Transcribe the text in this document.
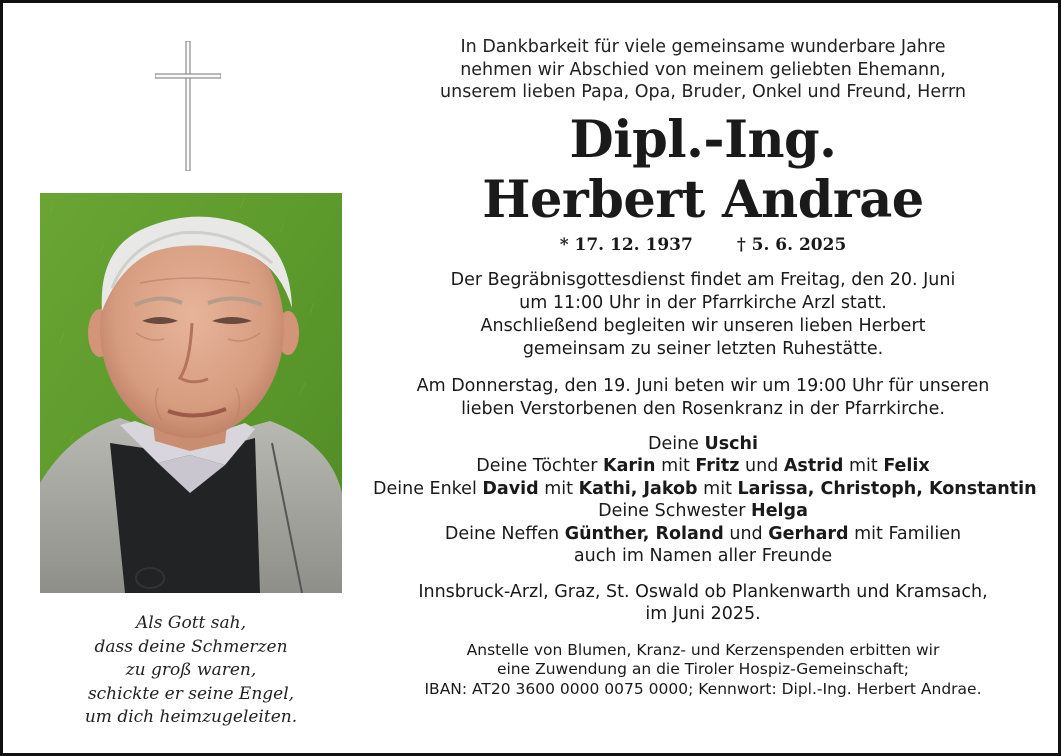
Als Gott sah,
dass deine Schmerzen
zu groß waren,
schickte er seine Engel,
um dich heimzugeleiten.
In Dankbarkeit für viele gemeinsame wunderbare Jahre
nehmen wir Abschied von meinem geliebten Ehemann,
unserem lieben Papa, Opa, Bruder, Onkel und Freund, Herrn
Dipl.-Ing.
Herbert Andrae
* 17. 12. 1937	† 5. 6. 2025
Der Begräbnisgottesdienst findet am Freitag, den 20. Juni
um 11:00 Uhr in der Pfarrkirche Arzl statt.
Anschließend begleiten wir unseren lieben Herbert
gemeinsam zu seiner letzten Ruhestätte.
Am Donnerstag, den 19. Juni beten wir um 19:00 Uhr für unseren
lieben Verstorbenen den Rosenkranz in der Pfarrkirche.
Deine Uschi
Deine Töchter Karin mit Fritz und Astrid mit Felix
Deine Enkel David mit Kathi, Jakob mit Larissa, Christoph, Konstantin
Deine Schwester Helga
Deine Neffen Günther, Roland und Gerhard mit Familien
auch im Namen aller Freunde
Innsbruck-Arzl, Graz, St. Oswald ob Plankenwarth und Kramsach,
im Juni 2025.
Anstelle von Blumen, Kranz- und Kerzenspenden erbitten wir
eine Zuwendung an die Tiroler Hospiz-Gemeinschaft;
IBAN: AT20 3600 0000 0075 0000; Kennwort: Dipl.-Ing. Herbert Andrae.
